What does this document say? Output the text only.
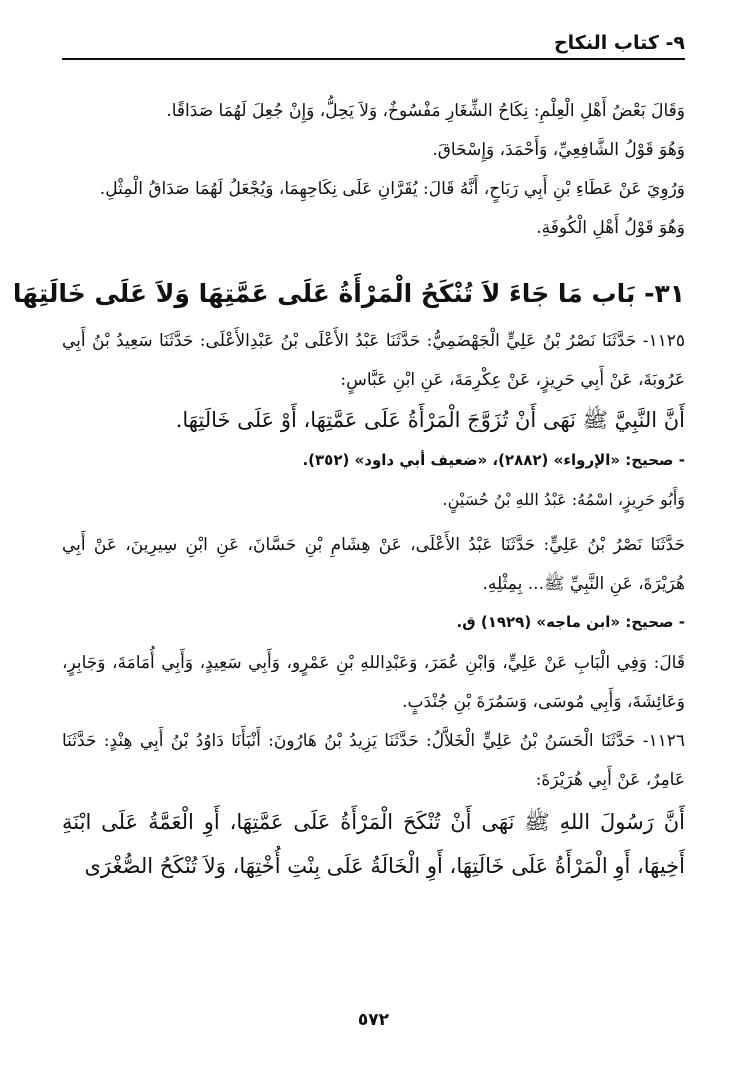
٩- كتاب النكاح

وَقَالَ بَعْضُ أَهْلِ الْعِلْمِ: نِكَاحُ الشِّغَارِ مَفْسُوخٌ، وَلاَ يَحِلُّ، وَإِنْ جُعِلَ لَهُمَا صَدَاقًا.

وَهُوَ قَوْلُ الشَّافِعِيِّ، وَأَحْمَدَ، وَإِسْحَاقَ.

وَرُوِيَ عَنْ عَطَاءِ بْنِ أَبِي رَبَاحٍ، أَنَّهُ قَالَ: يُقَرَّانِ عَلَى نِكَاحِهِمَا، وَيُجْعَلُ لَهُمَا صَدَاقُ الْمِثْلِ.

وَهُوَ قَوْلُ أَهْلِ الْكُوفَةِ.

٣١- بَاب مَا جَاءَ لاَ تُنْكَحُ الْمَرْأَةُ عَلَى عَمَّتِهَا وَلاَ عَلَى خَالَتِهَا

١١٢٥- حَدَّثَنَا نَصْرُ بْنُ عَلِيٍّ الْجَهْضَمِيُّ: حَدَّثَنَا عَبْدُ الأَعْلَى بْنُ عَبْدِالأَعْلَى: حَدَّثَنَا سَعِيدُ بْنُ أَبِي عَرُوبَةَ، عَنْ أَبِي حَرِيزٍ، عَنْ عِكْرِمَةَ، عَنِ ابْنِ عَبَّاسٍ:

أَنَّ النَّبِيَّ ﷺ نَهَى أَنْ تُزَوَّجَ الْمَرْأَةُ عَلَى عَمَّتِهَا، أَوْ عَلَى خَالَتِهَا.

- صحيح: «الإرواء» (٢٨٨٢)، «ضعيف أبي داود» (٣٥٢).
وَأَبُو حَرِيزٍ، اسْمُهُ: عَبْدُ اللهِ بْنُ حُسَيْنٍ.

حَدَّثَنَا نَصْرُ بْنُ عَلِيٍّ: حَدَّثَنَا عَبْدُ الأَعْلَى، عَنْ هِشَامِ بْنِ حَسَّانَ، عَنِ ابْنِ سِيرِينَ، عَنْ أَبِي هُرَيْرَةَ، عَنِ النَّبِيِّ ﷺ... بِمِثْلِهِ.

- صحيح: «ابن ماجه» (١٩٢٩) ق.

قَالَ: وَفِي الْبَابِ عَنْ عَلِيٍّ، وَابْنِ عُمَرَ، وَعَبْدِاللهِ بْنِ عَمْرٍو، وَأَبِي سَعِيدٍ، وَأَبِي أُمَامَةَ، وَجَابِرٍ، وَعَائِشَةَ، وَأَبِي مُوسَى، وَسَمُرَةَ بْنِ جُنْدَبٍ.

١١٢٦- حَدَّثَنَا الْحَسَنُ بْنُ عَلِيٍّ الْخَلاَّلُ: حَدَّثَنَا يَزِيدُ بْنُ هَارُونَ: أَنْبَأَنَا دَاوُدُ بْنُ أَبِي هِنْدٍ: حَدَّثَنَا عَامِرٌ، عَنْ أَبِي هُرَيْرَةَ:

أَنَّ رَسُولَ اللهِ ﷺ نَهَى أَنْ تُنْكَحَ الْمَرْأَةُ عَلَى عَمَّتِهَا، أَوِ الْعَمَّةُ عَلَى ابْنَةِ أَخِيهَا، أَوِ الْمَرْأَةُ عَلَى خَالَتِهَا، أَوِ الْخَالَةُ عَلَى بِنْتِ أُخْتِهَا، وَلاَ تُنْكَحُ الصُّغْرَى

٥٧٢
